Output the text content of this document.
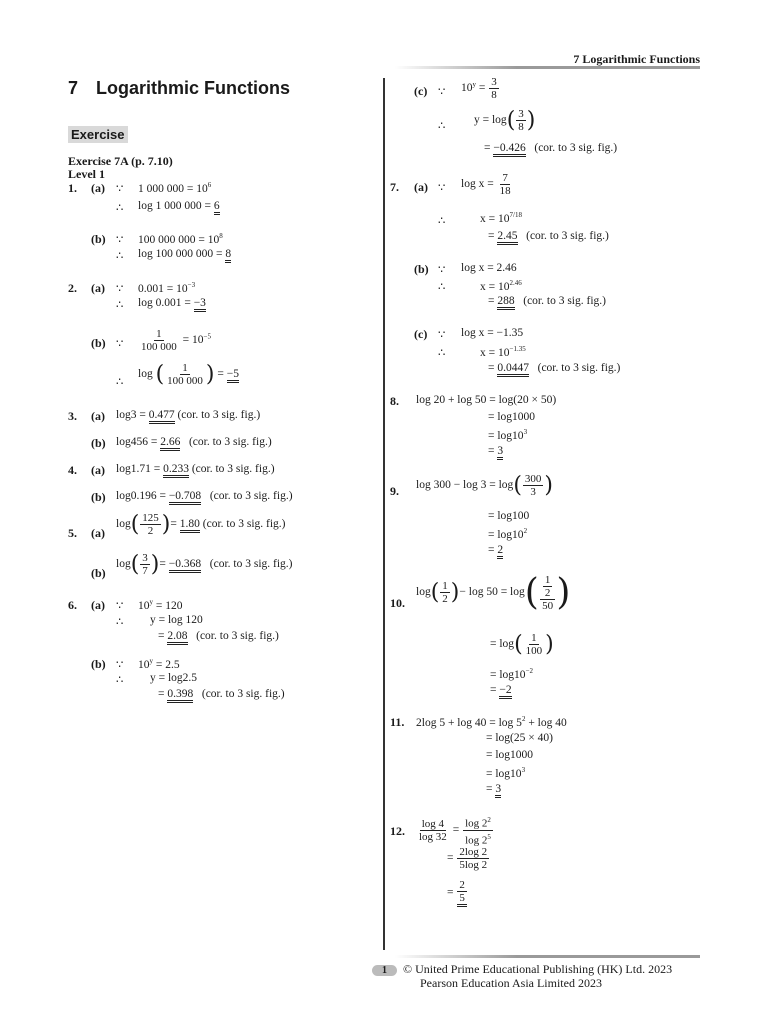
7 Logarithmic Functions
7 Logarithmic Functions
Exercise
Exercise 7A (p. 7.10)
Level 1
1. (a) ∵ 1 000 $000 = 10^6$
∴ log 1 000 000 = 6
(b) ∵ 100 000 $000 = 10^8$
∴ log 100 000 000 = 8
2. (a) ∵ $0.001 = 10^{-3}$
∴ log 0.001 = −3
(b) ∵ $\frac{1}{100 000} = 10^{-5}$
∴
log ( $\frac{1}{100 000}$ ) = −5
3. (a) log3 = 0.477 (cor. to 3 sig. fig.)
(b) log456 = 2.66 (cor. to 3 sig. fig.)
4. (a) log1.71 = 0.233 (cor. to 3 sig. fig.)
(b) log0.196 = −0.708 (cor. to 3 sig. fig.)
5. (a)
$\log( \frac{125}{2}$ )= 1.80 (cor. to 3 sig. fig.)
(b)
$\log( \frac{3}{7}$ )= −0.368 (cor. to 3 sig. fig.)
6. (a) ∵ $10^y = 120$
∴ y = log 120
= 2.08 (cor. to 3 sig. fig.)
(b) ∵ $10^y = 2.5$
∴ y = log2.5
= 0.398 (cor. to 3 sig. fig.)
(c) ∵ $10^y = \frac{3}{8}$
∴ $y = \log( \frac{3}{8}$ )
= −0.426 (cor. to 3 sig. fig.)
7. (a) ∵ $\log x = \frac{7}{18}$
∴	$x = 10^{7/18}$
= 2.45 (cor. to 3 sig. fig.)
(b) ∵ log x = 2.46
∴	$x = 10^{2.46}$
= 288 (cor. to 3 sig. fig.)
(c) ∵ log x = −1.35
∴	$x = 10^{-1.35}$
= 0.0447 (cor. to 3 sig. fig.)
8. log 20 + log 50 = log(20 × 50)
= log1000
= $\log 10^3$
= 3
9. $\log 300 - \log 3 = \log( \frac{300}{3}$ )
= log100
= $\log 10^2$
= 2
10.
$\log( \frac{1}{2}$ )− $\log 50 = \log( \frac{\frac{1}{2}}{50}$ )
= $\log( \frac{1}{100}$ )
= $\log 10^{-2}$
= −2
11. 2log $5 + \log 40 = \log 5^2 + \log 40$
= log(25 × 40)
= log1000
= $\log 10^3$
= 3
12. $\frac{\log 4}{\log 32} = \frac{\log 2^2}{\log 2^5}$
= $\frac{2\log 2}{5\log 2}$
= $\frac{2}{5}$
1 © United Prime Educational Publishing (HK) Ltd. 2023
Pearson Education Asia Limited 2023
